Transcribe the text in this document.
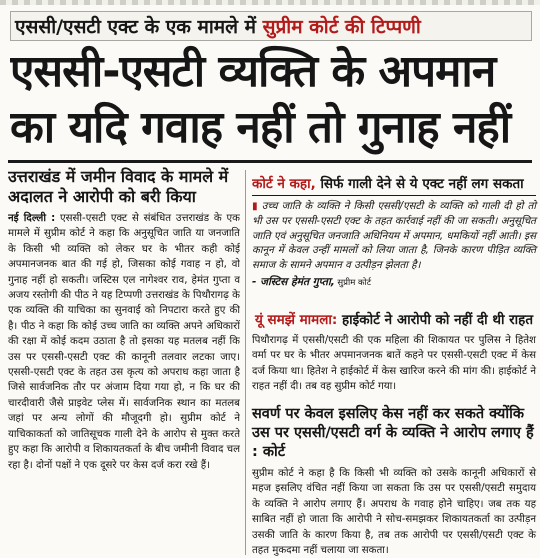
एससी/एसटी एक्ट के एक मामले में सुप्रीम कोर्ट की टिप्पणी
एससी-एसटी व्यक्ति के अपमान
का यदि गवाह नहीं तो गुनाह नहीं
उत्तराखंड में जमीन विवाद के मामले में अदालत ने आरोपी को बरी किया
नई दिल्ली : एससी-एसटी एक्ट से संबंधित उत्तराखंड के एक मामले में सुप्रीम कोर्ट ने कहा कि अनुसूचित जाति या जनजाति के किसी भी व्यक्ति को लेकर घर के भीतर कही कोई अपमानजनक बात की गई हो, जिसका कोई गवाह न हो, वो गुनाह नहीं हो सकती। जस्टिस एल नागेश्वर राव, हेमंत गुप्ता व अजय रस्तोगी की पीठ ने यह टिप्पणी उत्तराखंड के पिथौरागढ़ के एक व्यक्ति की याचिका का सुनवाई को निपटारा करते हुए की है। पीठ ने कहा कि कोई उच्च जाति का व्यक्ति अपने अधिकारों की रक्षा में कोई कदम उठाता है तो इसका यह मतलब नहीं कि उस पर एससी-एसटी एक्ट की कानूनी तलवार लटका जाए। एससी-एसटी एक्ट के तहत उस कृत्य को अपराध कहा जाता है जिसे सार्वजनिक तौर पर अंजाम दिया गया हो, न कि घर की चारदीवारी जैसे प्राइवेट प्लेस में। सार्वजनिक स्थान का मतलब जहां पर अन्य लोगों की मौजूदगी हो। सुप्रीम कोर्ट ने याचिकाकर्ता को जातिसूचक गाली देने के आरोप से मुक्त करते हुए कहा कि आरोपी व शिकायतकर्ता के बीच जमीनी विवाद चल रहा है। दोनों पक्षों ने एक दूसरे पर केस दर्ज करा रखे हैं।
कोर्ट ने कहा, सिर्फ गाली देने से ये एक्ट नहीं लग सकता
▮ उच्च जाति के व्यक्ति ने किसी एससी/एसटी के व्यक्ति को गाली दी हो तो भी उस पर एससी-एसटी एक्ट के तहत कार्रवाई नहीं की जा सकती। अनुसूचित जाति एवं अनुसूचित जनजाति अधिनियम में अपमान, धमकियों नहीं आती। इस कानून में केवल उन्हीं मामलों को लिया जाता है, जिनके कारण पीड़ित व्यक्ति समाज के सामने अपमान व उत्पीड़न झेलता है।
- जस्टिस हेमंत गुप्ता, सुप्रीम कोर्ट
यूं समझें मामला: हाईकोर्ट ने आरोपी को नहीं दी थी राहत
पिथौरागढ़ में एससी/एसटी की एक महिला की शिकायत पर पुलिस ने हितेश वर्मा पर घर के भीतर अपमानजनक बातें कहने पर एससी-एसटी एक्ट में केस दर्ज किया था। हितेश ने हाईकोर्ट में केस खारिज करने की मांग की। हाईकोर्ट ने राहत नहीं दी। तब वह सुप्रीम कोर्ट गया।
सवर्ण पर केवल इसलिए केस नहीं कर सकते क्योंकि उस पर एससी/एसटी वर्ग के व्यक्ति ने आरोप लगाए हैं : कोर्ट
सुप्रीम कोर्ट ने कहा है कि किसी भी व्यक्ति को उसके कानूनी अधिकारों से महज इसलिए वंचित नहीं किया जा सकता कि उस पर एससी/एसटी समुदाय के व्यक्ति ने आरोप लगाए हैं। अपराध के गवाह होने चाहिए। जब तक यह साबित नहीं हो जाता कि आरोपी ने सोच-समझकर शिकायतकर्ता का उत्पीड़न उसकी जाति के कारण किया है, तब तक आरोपी पर एससी/एसटी एक्ट के तहत मुकदमा नहीं चलाया जा सकता।
